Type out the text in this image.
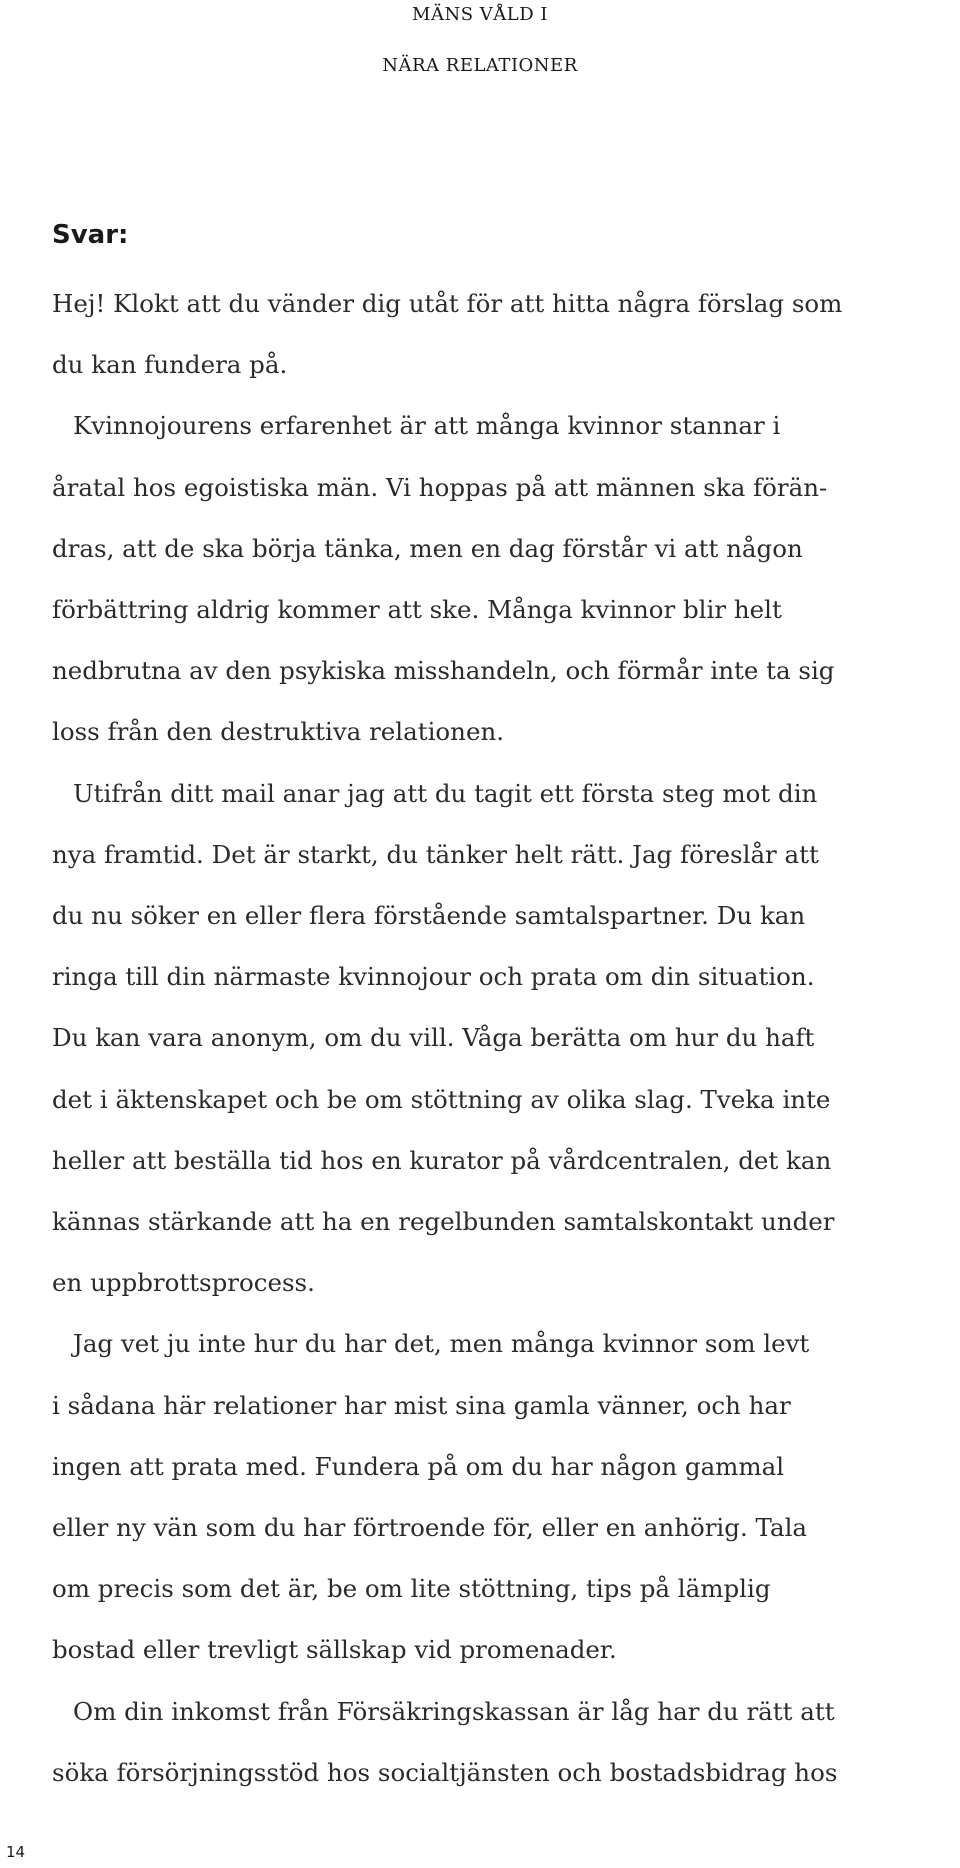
MÄNS VÅLD I
NÄRA RELATIONER
Svar:
Hej! Klokt att du vänder dig utåt för att hitta några förslag som
du kan fundera på.
Kvinnojourens erfarenhet är att många kvinnor stannar i
åratal hos egoistiska män. Vi hoppas på att männen ska förän-
dras, att de ska börja tänka, men en dag förstår vi att någon
förbättring aldrig kommer att ske. Många kvinnor blir helt
nedbrutna av den psykiska misshandeln, och förmår inte ta sig
loss från den destruktiva relationen.
Utifrån ditt mail anar jag att du tagit ett första steg mot din
nya framtid. Det är starkt, du tänker helt rätt. Jag föreslår att
du nu söker en eller flera förstående samtalspartner. Du kan
ringa till din närmaste kvinnojour och prata om din situation.
Du kan vara anonym, om du vill. Våga berätta om hur du haft
det i äktenskapet och be om stöttning av olika slag. Tveka inte
heller att beställa tid hos en kurator på vårdcentralen, det kan
kännas stärkande att ha en regelbunden samtalskontakt under
en uppbrottsprocess.
Jag vet ju inte hur du har det, men många kvinnor som levt
i sådana här relationer har mist sina gamla vänner, och har
ingen att prata med. Fundera på om du har någon gammal
eller ny vän som du har förtroende för, eller en anhörig. Tala
om precis som det är, be om lite stöttning, tips på lämplig
bostad eller trevligt sällskap vid promenader.
Om din inkomst från Försäkringskassan är låg har du rätt att
söka försörjningsstöd hos socialtjänsten och bostadsbidrag hos
14
